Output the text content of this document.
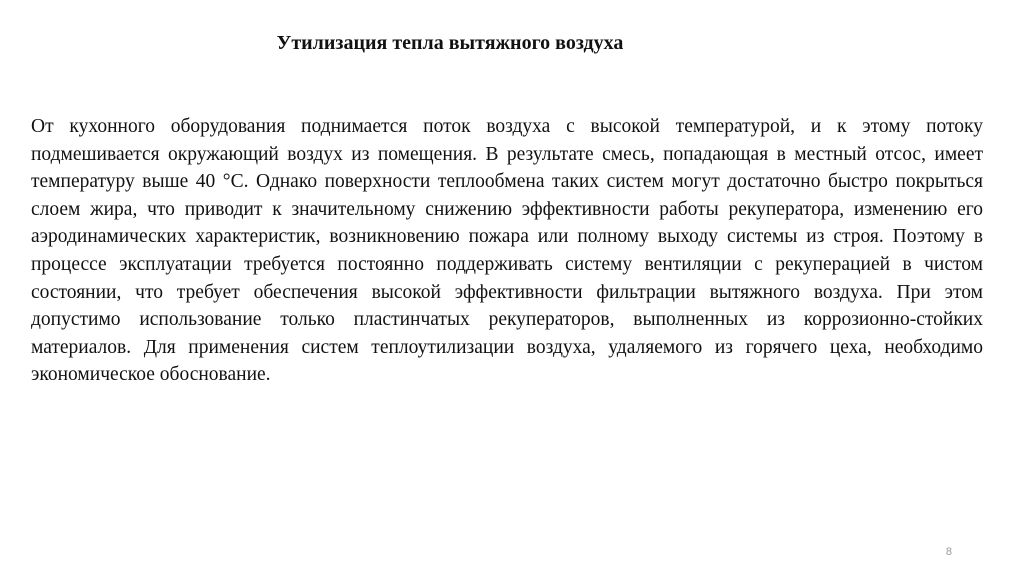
Утилизация тепла вытяжного воздуха

От кухонного оборудования поднимается поток воздуха с высокой температурой, и к этому потоку подмешивается окружающий воздух из помещения. В результате смесь, попадающая в местный отсос, имеет температуру выше 40 °C. Однако поверхности теплообмена таких систем могут достаточно быстро покрыться слоем жира, что приводит к значительному снижению эффективности работы рекуператора, изменению его аэродинамических характеристик, возникновению пожара или полному выходу системы из строя. Поэтому в процессе эксплуатации требуется постоянно поддерживать систему вентиляции с рекуперацией в чистом состоянии, что требует обеспечения высокой эффективности фильтрации вытяжного воздуха. При этом допустимо использование только пластинчатых рекуператоров, выполненных из коррозионно-стойких материалов. Для применения систем теплоутилизации воздуха, удаляемого из горячего цеха, необходимо экономическое обоснование.

8
